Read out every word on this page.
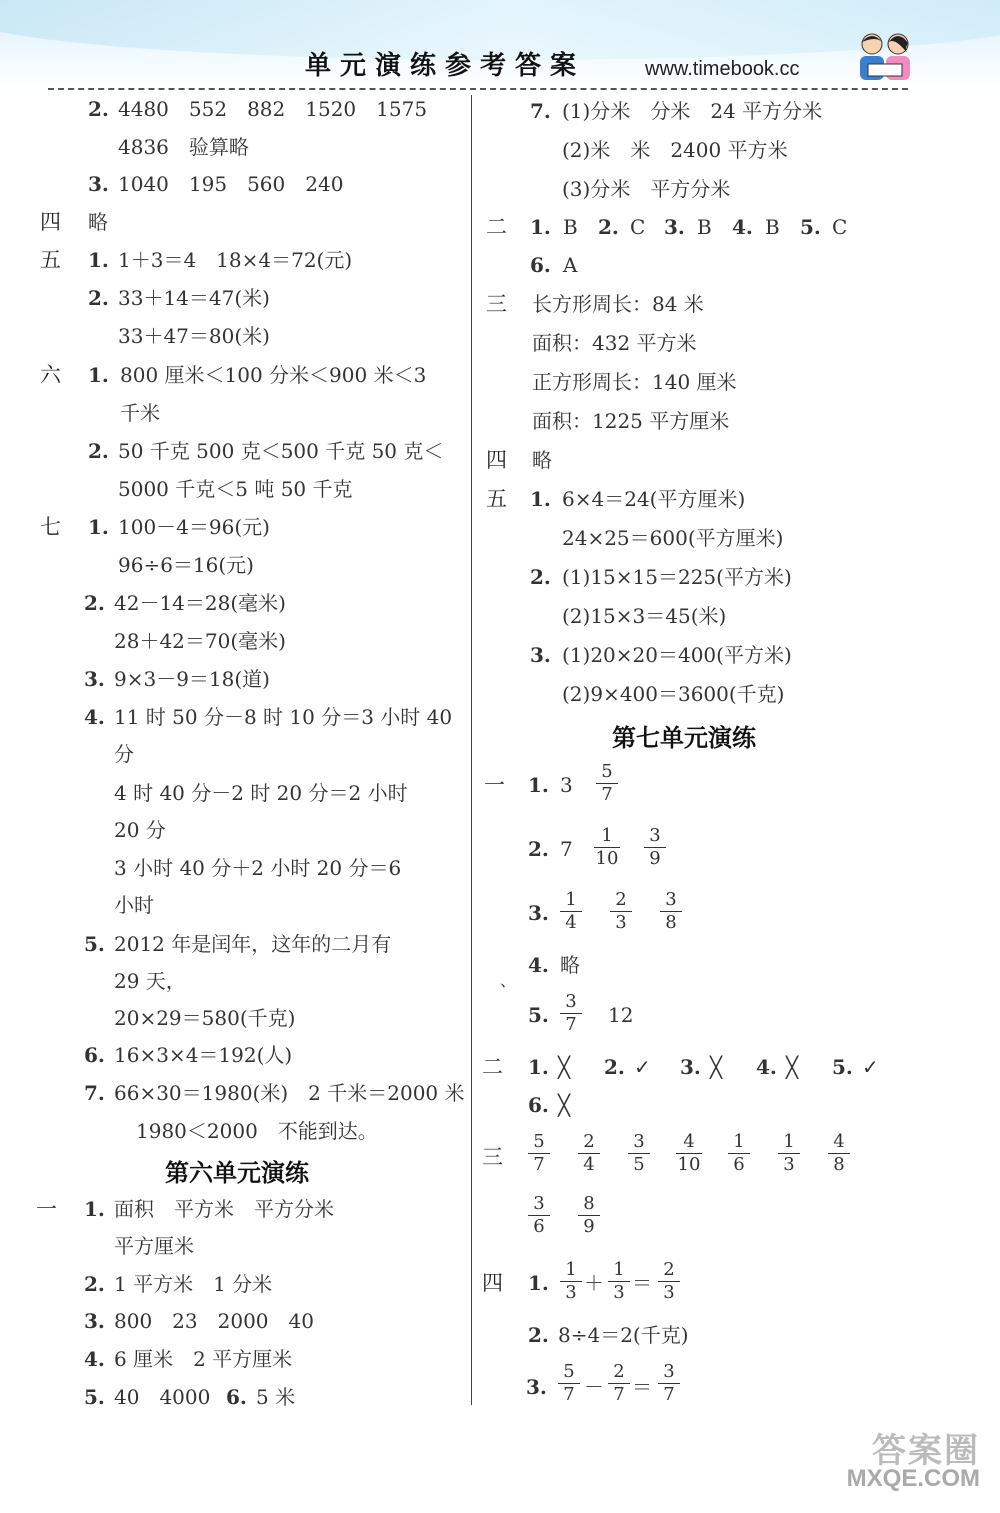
单元演练参考答案	www.timebook.cc
2. 4480　552　882　1520　1575
4836　验算略
3. 1040　195　560　240
四 略
五 1. 1＋3＝4　18×4＝72(元)
2. 33＋14＝47(米)
33＋47＝80(米)
六 1. 800 厘米＜100 分米＜900 米＜3
千米
2. 50 千克 500 克＜500 千克 50 克＜
5000 千克＜5 吨 50 千克
七 1. 100－4＝96(元)
96÷6＝16(元)
2. 42－14＝28(毫米)
28＋42＝70(毫米)
3. 9×3－9＝18(道)
4. 11 时 50 分－8 时 10 分＝3 小时 40
分
4 时 40 分－2 时 20 分＝2 小时
20 分
3 小时 40 分＋2 小时 20 分＝6
小时
5. 2012 年是闰年，这年的二月有
29 天，
20×29＝580(千克)
6. 16×3×4＝192(人)
7. 66×30＝1980(米)　2 千米＝2000 米
1980＜2000　不能到达。
第六单元演练
一 1. 面积　平方米　平方分米
平方厘米
2. 1 平方米　1 分米
3. 800　23　2000　40
4. 6 厘米　2 平方厘米
5. 40　4000 6. 5 米
7. (1)分米　分米　24 平方分米
(2)米　米　2400 平方米
(3)分米　平方分米
二 1. B 2. C 3. B 4. B 5. C
6. A
三 长方形周长：84 米
面积：432 平方米
正方形周长：140 厘米
面积：1225 平方厘米
四 略
五 1. 6×4＝24(平方厘米)
24×25＝600(平方厘米)
2. (1)15×15＝225(平方米)
(2)15×3＝45(米)
3. (1)20×20＝400(平方米)
(2)9×400＝3600(千克)
第七单元演练
一 1. 3
5
7
2. 7
1
10
3
9
3.
1
4
2
3
3
8
、
4. 略
5.
3
7 12
二 1. ╳ 2. ✓ 3. ╳ 4. ╳ 5. ✓
6. ╳
三
5
7
2
4
3
5
4
10
1
6
1
3
4
8
3
6
8
9
四 1.
1
3 ＋
1
3 ＝
2
3
2. 8÷4＝2(千克)
3.
5
7 －
2
7 ＝
3
7
答案圈
MXQE.COM
